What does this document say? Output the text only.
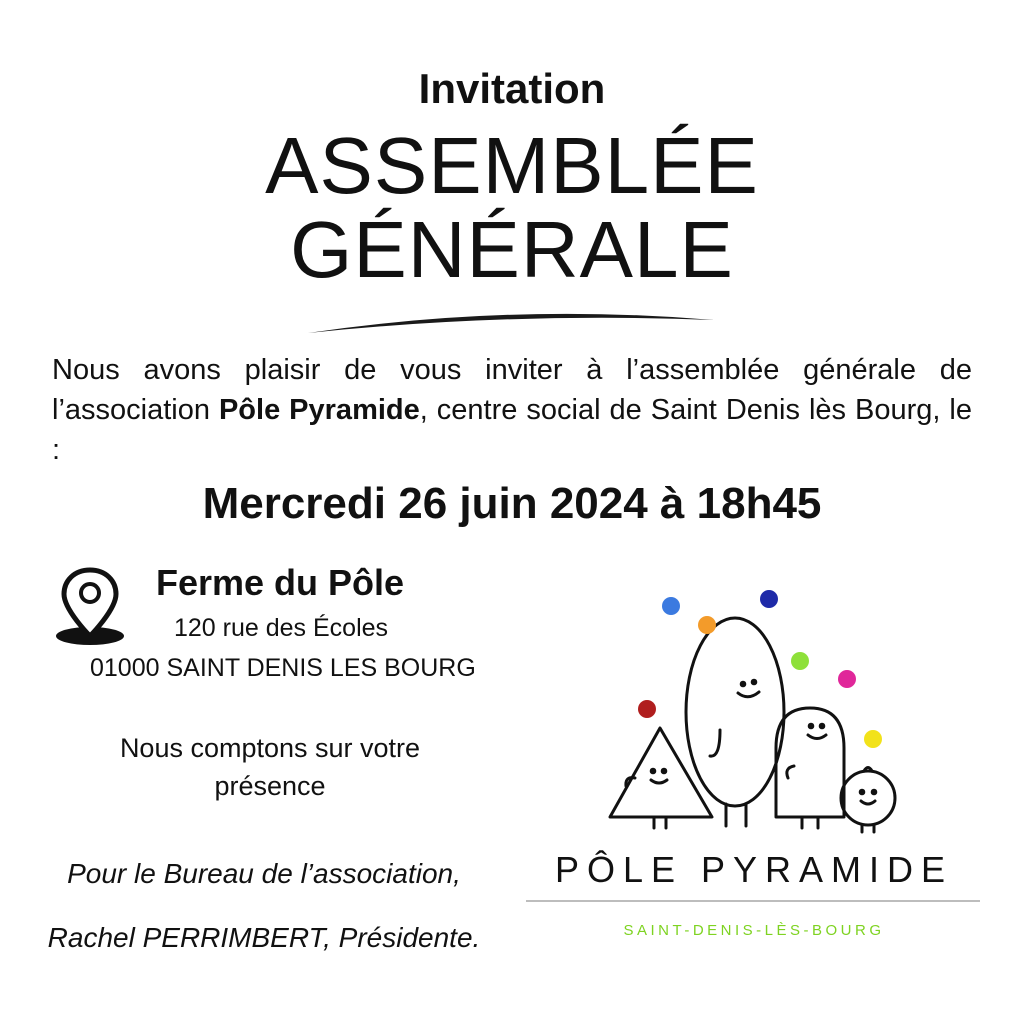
Invitation
ASSEMBLÉE
GÉNÉRALE
Nous avons plaisir de vous inviter à l’assemblée générale de l’association Pôle Pyramide, centre social de Saint Denis lès Bourg, le :
Mercredi 26 juin 2024 à 18h45
Ferme du Pôle
120 rue des Écoles
01000 SAINT DENIS LES BOURG
Nous comptons sur votre
présence
Pour le Bureau de l’association,
Rachel PERRIMBERT, Présidente.
PÔLE PYRAMIDE
SAINT-DENIS-LÈS-BOURG
